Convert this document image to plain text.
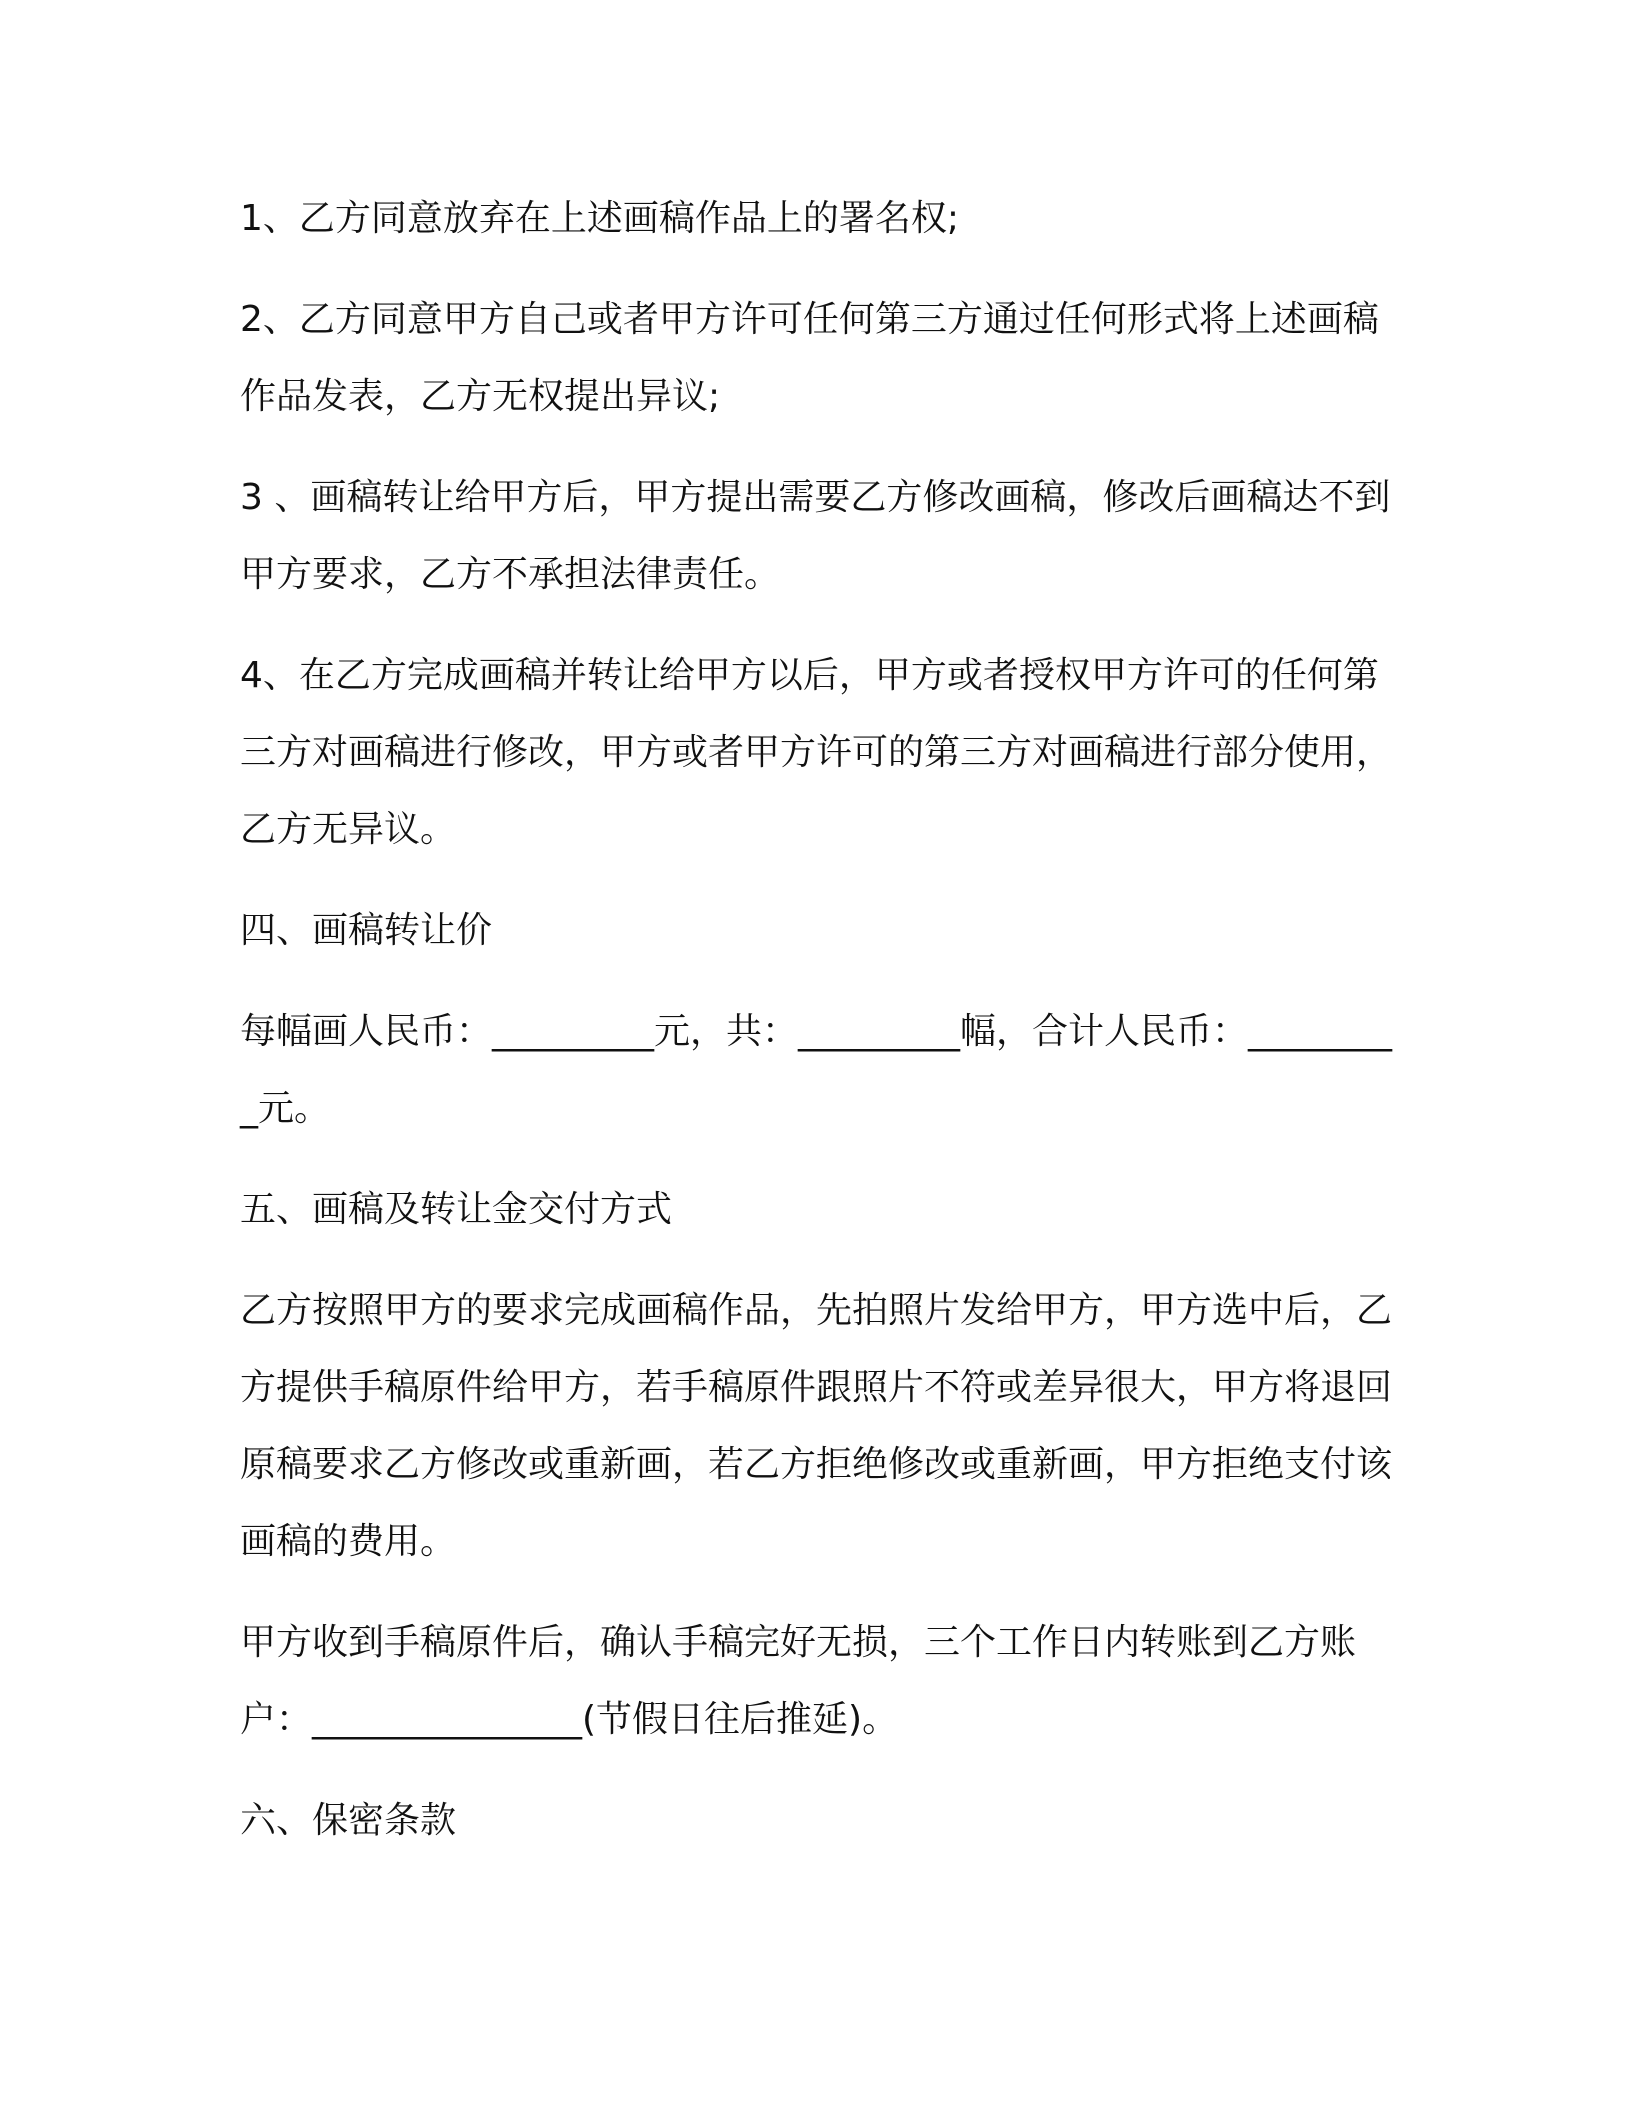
1、乙方同意放弃在上述画稿作品上的署名权;

2、乙方同意甲方自己或者甲方许可任何第三方通过任何形式将上述画稿作品发表，乙方无权提出异议;

3 、画稿转让给甲方后，甲方提出需要乙方修改画稿，修改后画稿达不到甲方要求，乙方不承担法律责任。

4、在乙方完成画稿并转让给甲方以后，甲方或者授权甲方许可的任何第三方对画稿进行修改，甲方或者甲方许可的第三方对画稿进行部分使用，乙方无异议。

四、画稿转让价

每幅画人民币：_________元，共：_________幅，合计人民币：_________元。

五、画稿及转让金交付方式

乙方按照甲方的要求完成画稿作品，先拍照片发给甲方，甲方选中后，乙方提供手稿原件给甲方，若手稿原件跟照片不符或差异很大，甲方将退回原稿要求乙方修改或重新画，若乙方拒绝修改或重新画，甲方拒绝支付该画稿的费用。

甲方收到手稿原件后，确认手稿完好无损，三个工作日内转账到乙方账户：_______________(节假日往后推延)。

六、保密条款
